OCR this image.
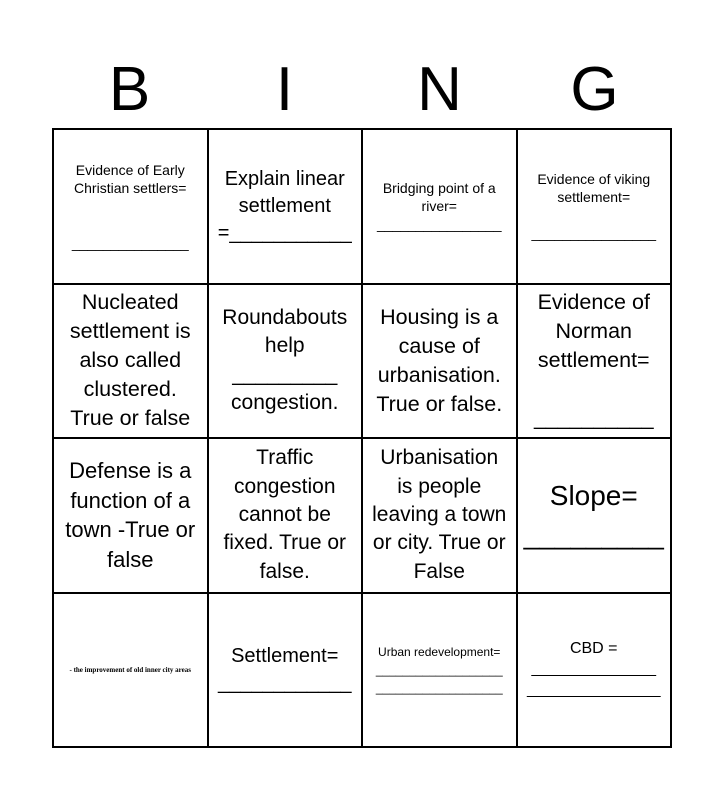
B	I	N	G
Evidence of Early Christian settlers=

_______________
Explain linear settlement =___________
Bridging point of a river=
________________
Evidence of viking settlement=

________________
Nucleated settlement is also called clustered. True or false
Roundabouts help _________ congestion.
Housing is a cause of urbanisation. True or false.
Evidence of Norman settlement=

__________
Defense is a function of a town -True or false
Traffic congestion cannot be fixed. True or false.
Urbanisation is people leaving a town or city. True or False
Slope=
_________
- the improvement of old inner city areas
Settlement=
____________
Urban redevelopment=
___________________
___________________
CBD =
______________
_______________
